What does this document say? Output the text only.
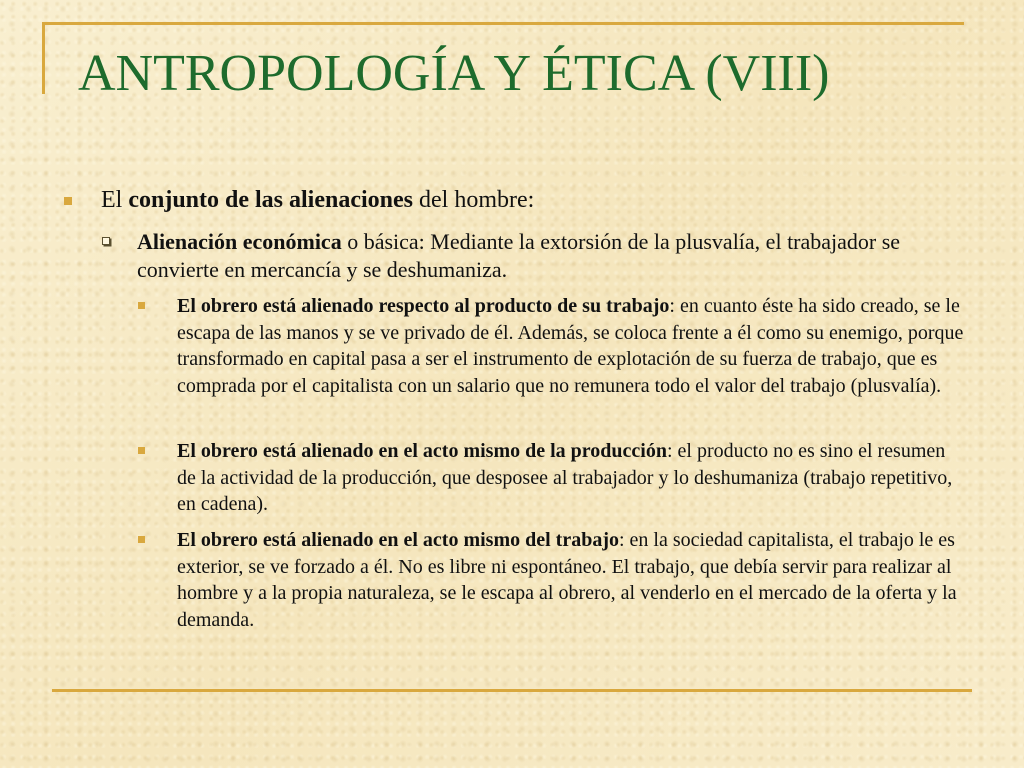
ANTROPOLOGÍA Y ÉTICA (VIII)
El conjunto de las alienaciones del hombre:
Alienación económica o básica: Mediante la extorsión de la plusvalía, el trabajador se convierte en mercancía y se deshumaniza.
El obrero está alienado respecto al producto de su trabajo: en cuanto éste ha sido creado, se le escapa de las manos y se ve privado de él. Además, se coloca frente a él como su enemigo, porque transformado en capital pasa a ser el instrumento de explotación de su fuerza de trabajo, que es comprada por el capitalista con un salario que no remunera todo el valor del trabajo (plusvalía).
El obrero está alienado en el acto mismo de la producción: el producto no es sino el resumen de la actividad de la producción, que desposee al trabajador y lo deshumaniza (trabajo repetitivo, en cadena).
El obrero está alienado en el acto mismo del trabajo: en la sociedad capitalista, el trabajo le es exterior, se ve forzado a él. No es libre ni espontáneo. El trabajo, que debía servir para realizar al hombre y a la propia naturaleza, se le escapa al obrero, al venderlo en el mercado de la oferta y la demanda.
